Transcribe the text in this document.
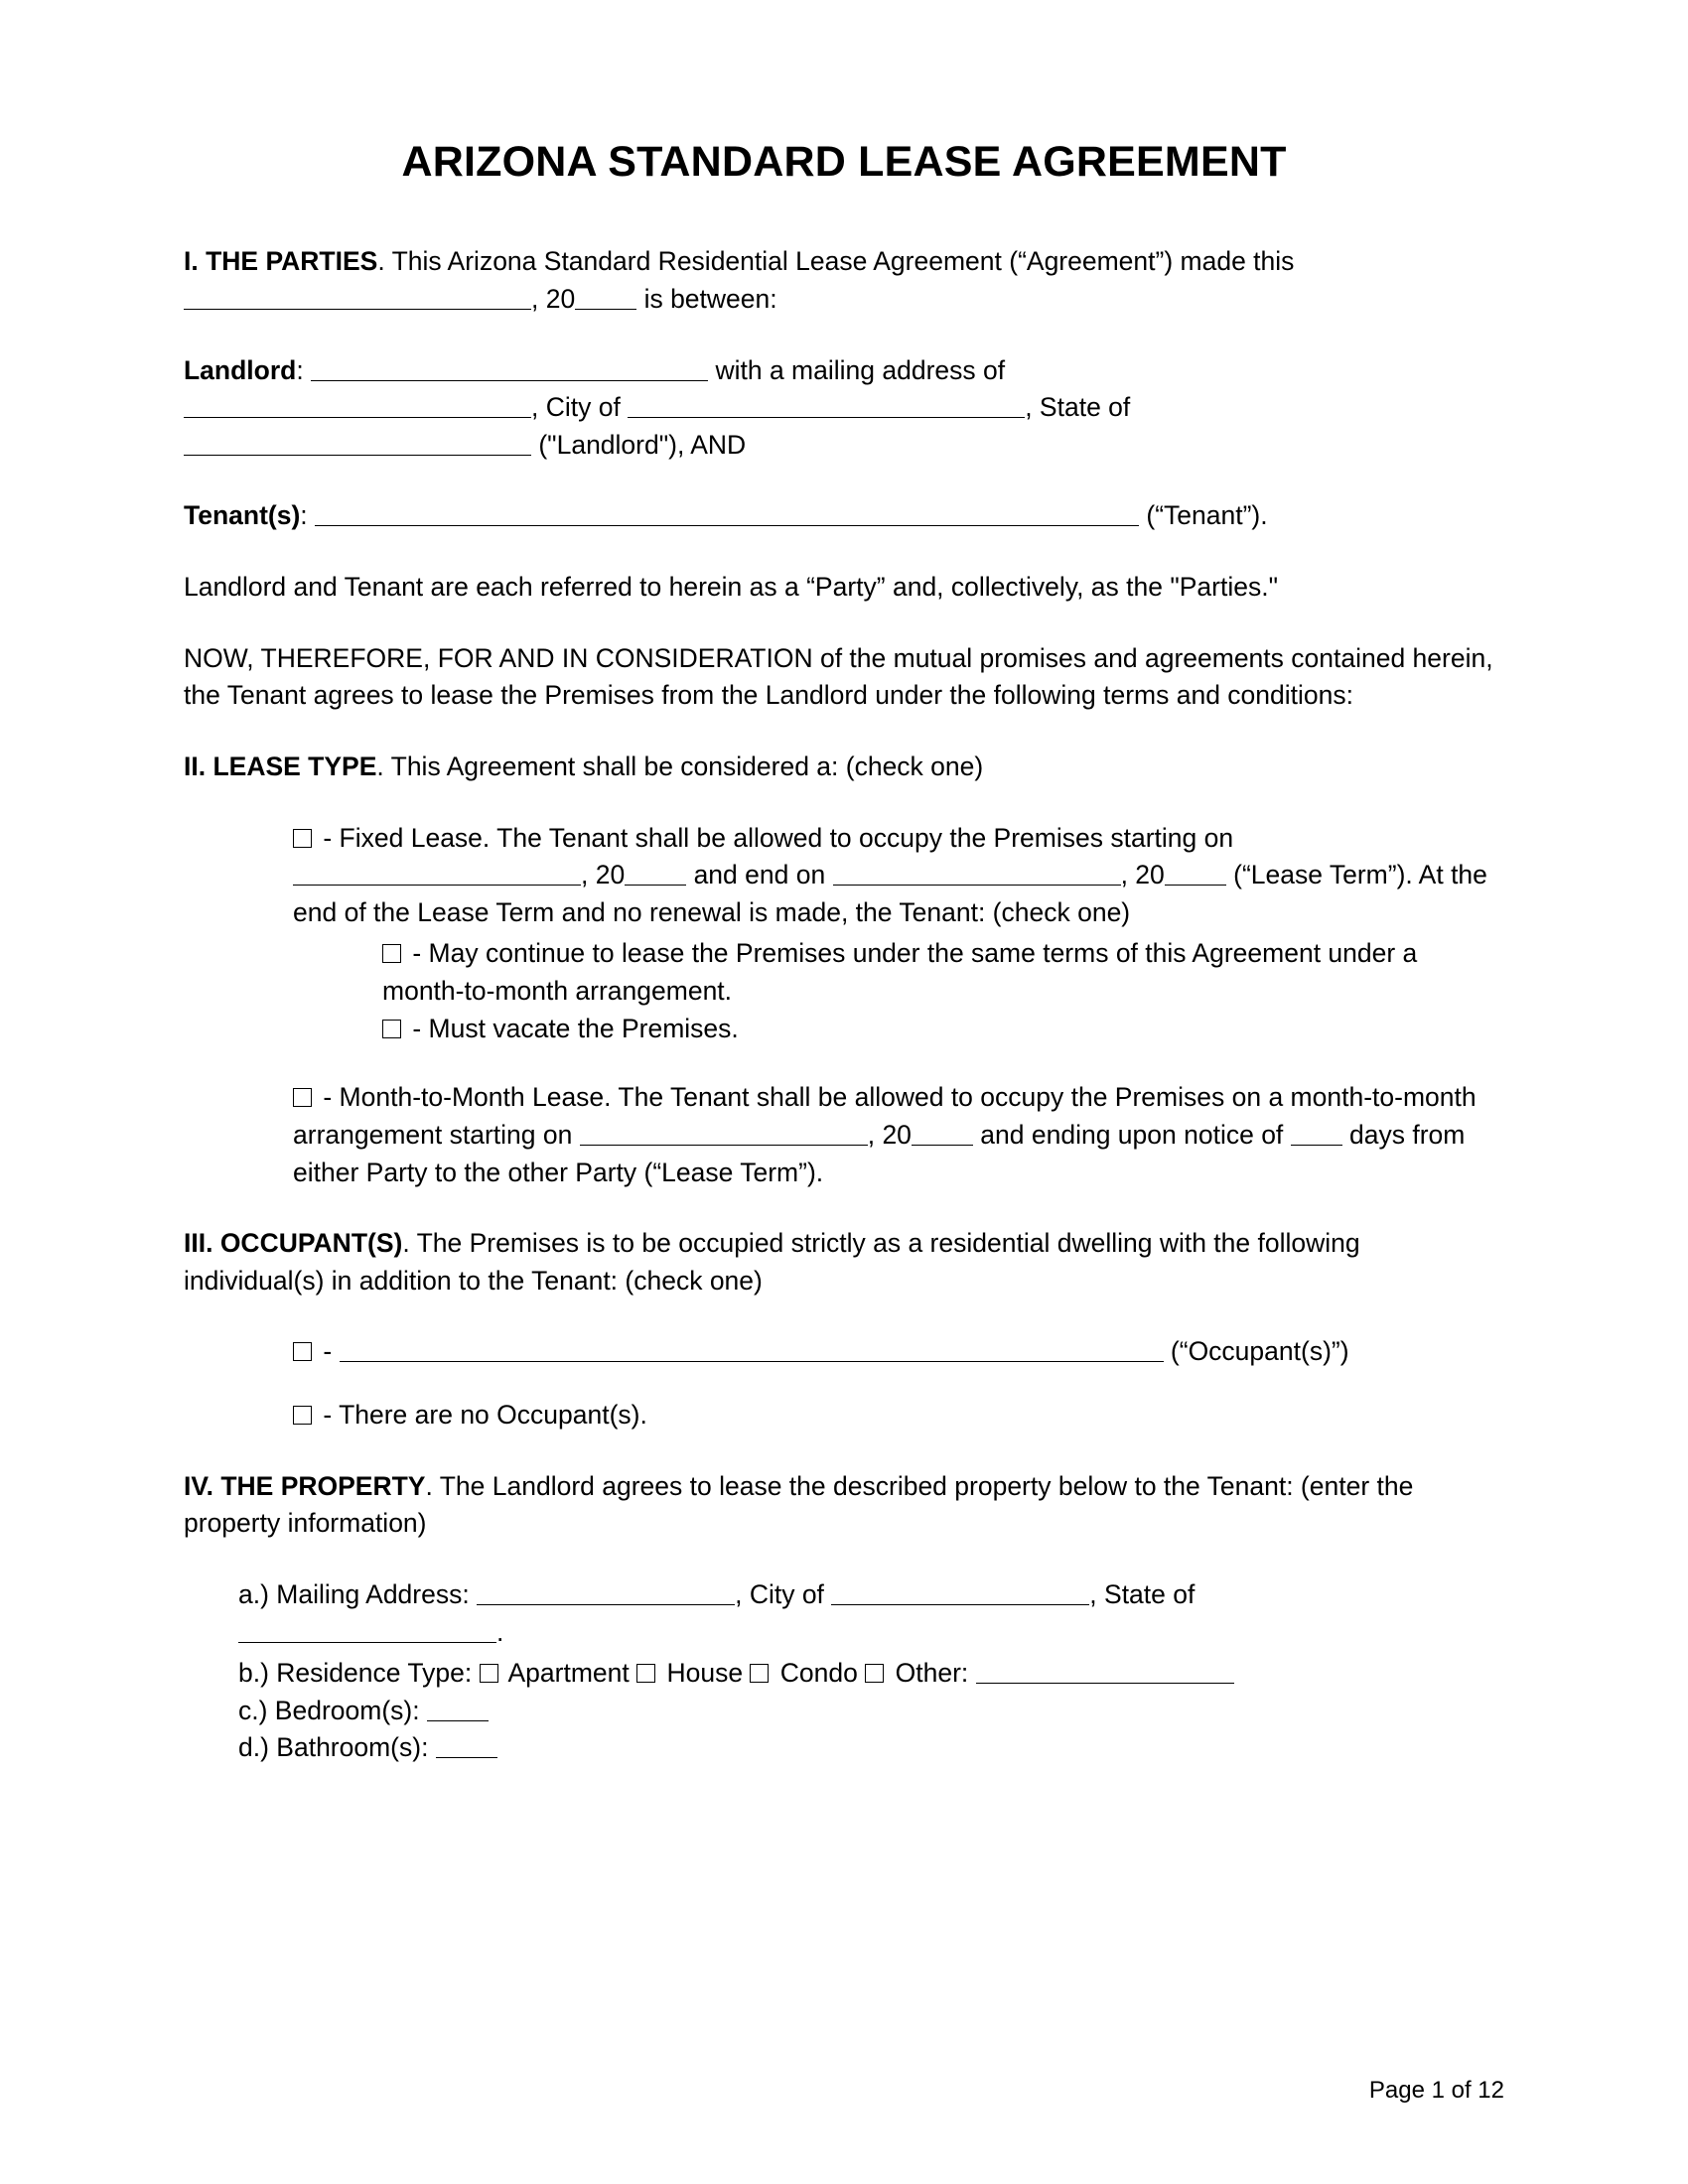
ARIZONA STANDARD LEASE AGREEMENT

I. THE PARTIES. This Arizona Standard Residential Lease Agreement (“Agreement”) made this , 20 is between:

Landlord:	with a mailing address of
, City of	, State of
("Landlord"), AND

Tenant(s):	(“Tenant”).

Landlord and Tenant are each referred to herein as a “Party” and, collectively, as the "Parties."

NOW, THEREFORE, FOR AND IN CONSIDERATION of the mutual promises and agreements contained herein, the Tenant agrees to lease the Premises from the Landlord under the following terms and conditions:

II. LEASE TYPE. This Agreement shall be considered a: (check one)

- Fixed Lease. The Tenant shall be allowed to occupy the Premises starting on , 20 and end on	, 20 (“Lease Term”). At the end of the Lease Term and no renewal is made, the Tenant: (check one)

- May continue to lease the Premises under the same terms of this Agreement under a month-to-month arrangement.

- Must vacate the Premises.

- Month-to-Month Lease. The Tenant shall be allowed to occupy the Premises on a month-to-month arrangement starting on	, 20 and ending upon notice of  days from either Party to the other Party (“Lease Term”).

III. OCCUPANT(S). The Premises is to be occupied strictly as a residential dwelling with the following individual(s) in addition to the Tenant: (check one)

-	(“Occupant(s)”)

- There are no Occupant(s).

IV. THE PROPERTY. The Landlord agrees to lease the described property below to the Tenant: (enter the property information)

a.) Mailing Address:	, City of	, State of
.

b.) Residence Type:  Apartment  House  Condo  Other:

c.) Bedroom(s):

d.) Bathroom(s):

Page 1 of 12
